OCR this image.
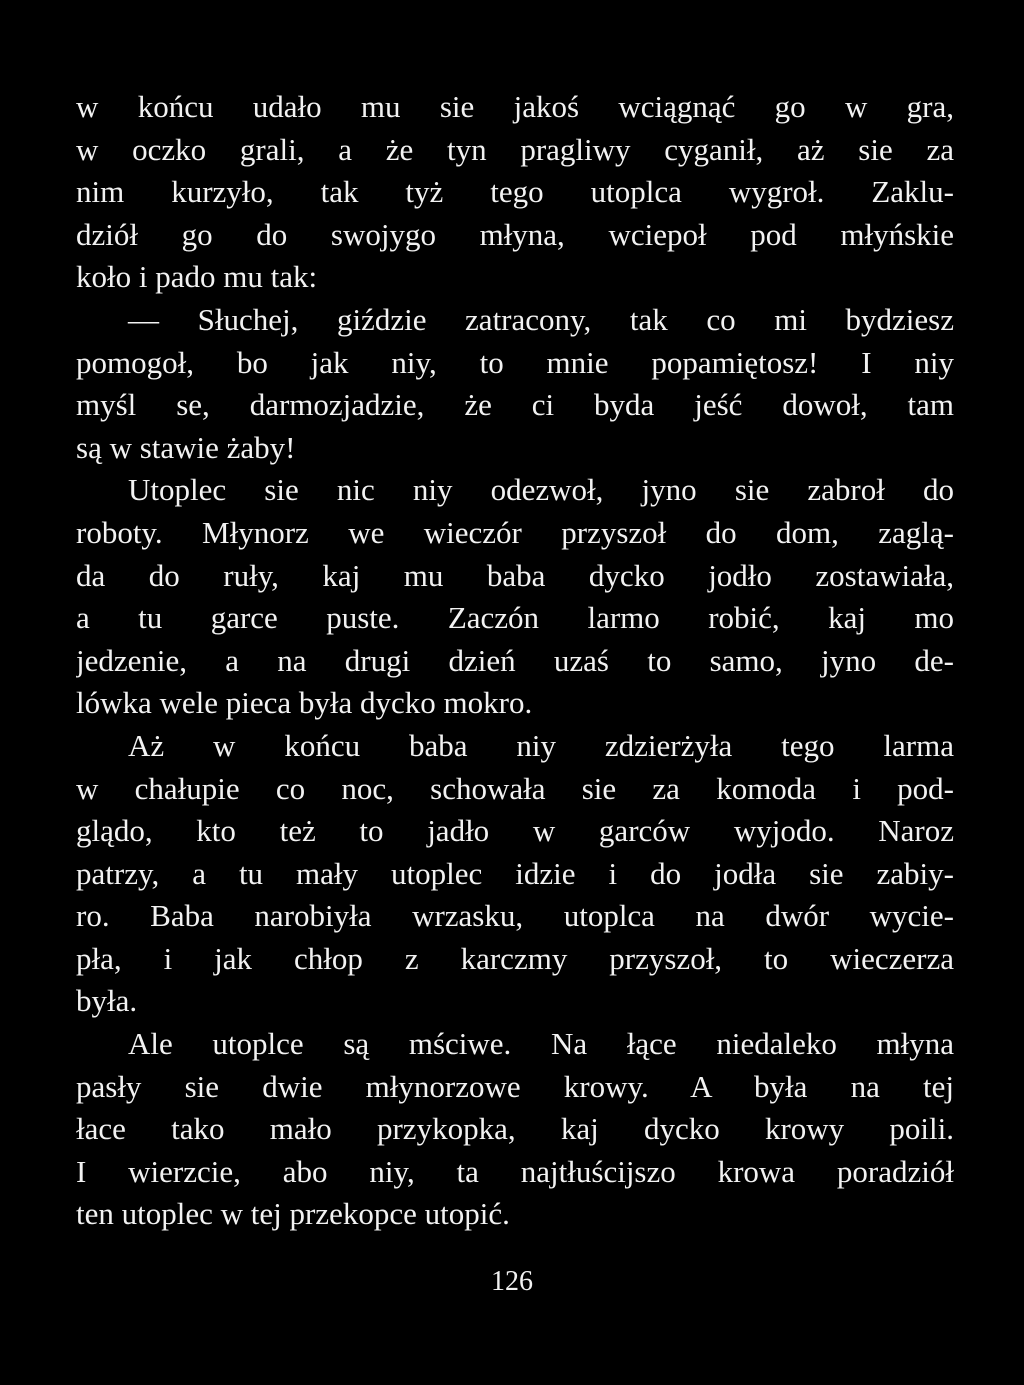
w końcu udało mu sie jakoś wciągnąć go w gra,
w oczko grali, a że tyn pragliwy cyganił, aż sie za
nim kurzyło, tak tyż tego utoplca wygroł. Zaklu-
dziół go do swojygo młyna, wciepoł pod młyńskie
koło i pado mu tak:
— Słuchej, giździe zatracony, tak co mi bydziesz
pomogoł, bo jak niy, to mnie popamiętosz! I niy
myśl se, darmozjadzie, że ci byda jeść dowoł, tam
są w stawie żaby!
Utoplec sie nic niy odezwoł, jyno sie zabroł do
roboty. Młynorz we wieczór przyszoł do dom, zaglą-
da do ruły, kaj mu baba dycko jodło zostawiała,
a tu garce puste. Zaczón larmo robić, kaj mo
jedzenie, a na drugi dzień uzaś to samo, jyno de-
lówka wele pieca była dycko mokro.
Aż w końcu baba niy zdzierżyła tego larma
w chałupie co noc, schowała sie za komoda i pod-
glądo, kto też to jadło w garców wyjodo. Naroz
patrzy, a tu mały utoplec idzie i do jodła sie zabiy-
ro. Baba narobiyła wrzasku, utoplca na dwór wycie-
pła, i jak chłop z karczmy przyszoł, to wieczerza
była.
Ale utoplce są mściwe. Na łące niedaleko młyna
pasły sie dwie młynorzowe krowy. A była na tej
łace tako mało przykopka, kaj dycko krowy poili.
I wierzcie, abo niy, ta najtłuścijszo krowa poradziół
ten utoplec w tej przekopce utopić.
126
